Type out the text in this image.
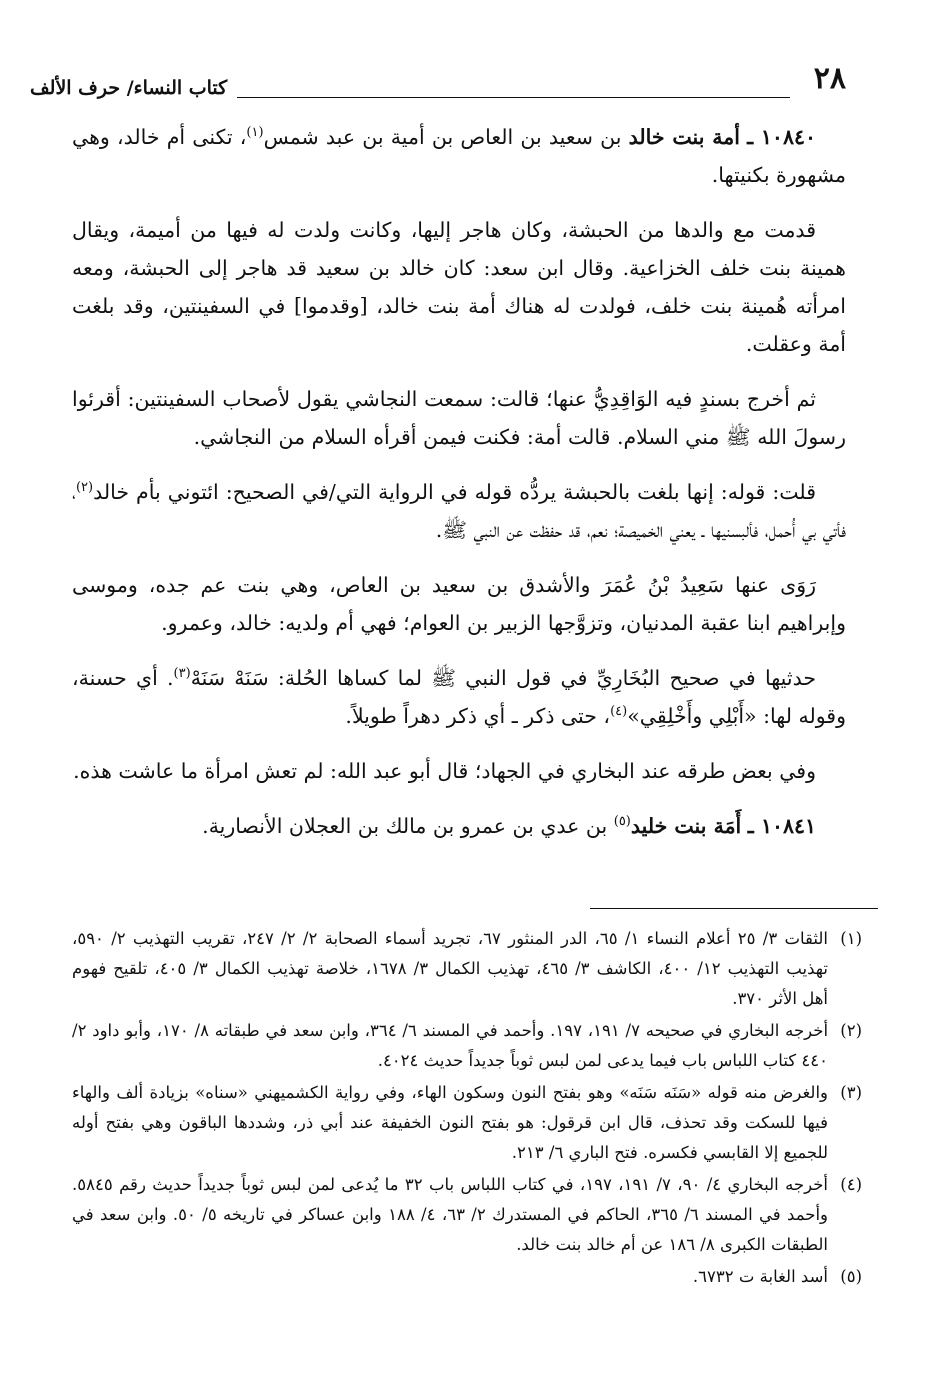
٢٨
كتاب النساء/ حرف الألف

١٠٨٤٠ ـ أمة بنت خالد بن سعيد بن العاص بن أمية بن عبد شمس$^{(١)}$، تكنى أم خالد، وهي مشهورة بكنيتها.

قدمت مع والدها من الحبشة، وكان هاجر إليها، وكانت ولدت له فيها من أميمة، ويقال همينة بنت خلف الخزاعية. وقال ابن سعد: كان خالد بن سعيد قد هاجر إلى الحبشة، ومعه امرأته هُمينة بنت خلف، فولدت له هناك أمة بنت خالد، [وقدموا] في السفينتين، وقد بلغت أمة وعقلت.

ثم أخرج بسندٍ فيه الوَاقِدِيُّ عنها؛ قالت: سمعت النجاشي يقول لأصحاب السفينتين: أقرئوا رسولَ الله ﷺ مني السلام. قالت أمة: فكنت فيمن أقرأه السلام من النجاشي.

قلت: قوله: إنها بلغت بالحبشة يردُّه قوله في الرواية التي/في الصحيح: ائتوني بأم خالد$^{(٢)}$، فأتي بي أُحمل، فألبسنيها ـ يعني الخميصة؛ نعم، قد حفظت عن النبي ﷺ.

رَوَى عنها سَعِيدُ بْنُ عُمَرَ والأشدق بن سعيد بن العاص، وهي بنت عم جده، وموسى وإبراهيم ابنا عقبة المدنيان، وتزوَّجها الزبير بن العوام؛ فهي أم ولديه: خالد، وعمرو.

حدثيها في صحيح البُخَارِيِّ في قول النبي ﷺ لما كساها الحُلة: سَنَهْ سَنَهْ$^{(٣)}$. أي حسنة، وقوله لها: «أَبْلِي وأَخْلِقِي»$^{(٤)}$، حتى ذكر ـ أي ذكر دهراً طويلاً.

وفي بعض طرقه عند البخاري في الجهاد؛ قال أبو عبد الله: لم تعش امرأة ما عاشت هذه.

١٠٨٤١ ـ أَمَة بنت خليد$^{(٥)}$ بن عدي بن عمرو بن مالك بن العجلان الأنصارية.

(١)
الثقات ٣/ ٢٥ أعلام النساء ١/ ٦٥، الدر المنثور ٦٧، تجريد أسماء الصحابة ٢/ ٢/ ٢٤٧، تقريب التهذيب ٢/ ٥٩٠، تهذيب التهذيب ١٢/ ٤٠٠، الكاشف ٣/ ٤٦٥، تهذيب الكمال ٣/ ١٦٧٨، خلاصة تهذيب الكمال ٣/ ٤٠٥، تلقيح فهوم أهل الأثر ٣٧٠.
(٢)
أخرجه البخاري في صحيحه ٧/ ١٩١، ١٩٧. وأحمد في المسند ٦/ ٣٦٤، وابن سعد في طبقاته ٨/ ١٧٠، وأبو داود ٢/ ٤٤٠ كتاب اللباس باب فيما يدعى لمن لبس ثوباً جديداً حديث ٤٠٢٤.
(٣)
والغرض منه قوله «سَنَه سَنَه» وهو بفتح النون وسكون الهاء، وفي رواية الكشميهني «سناه» بزيادة ألف والهاء فيها للسكت وقد تحذف، قال ابن قرقول: هو بفتح النون الخفيفة عند أبي ذر، وشددها الباقون وهي بفتح أوله للجميع إلا القابسي فكسره. فتح الباري ٦/ ٢١٣.
(٤)
أخرجه البخاري ٤/ ٩٠، ٧/ ١٩١، ١٩٧، في كتاب اللباس باب ٣٢ ما يُدعى لمن لبس ثوباً جديداً حديث رقم ٥٨٤٥. وأحمد في المسند ٦/ ٣٦٥، الحاكم في المستدرك ٢/ ٦٣، ٤/ ١٨٨ وابن عساكر في تاريخه ٥/ ٥٠. وابن سعد في الطبقات الكبرى ٨/ ١٨٦ عن أم خالد بنت خالد.
(٥)
أسد الغابة ت ٦٧٣٢.
